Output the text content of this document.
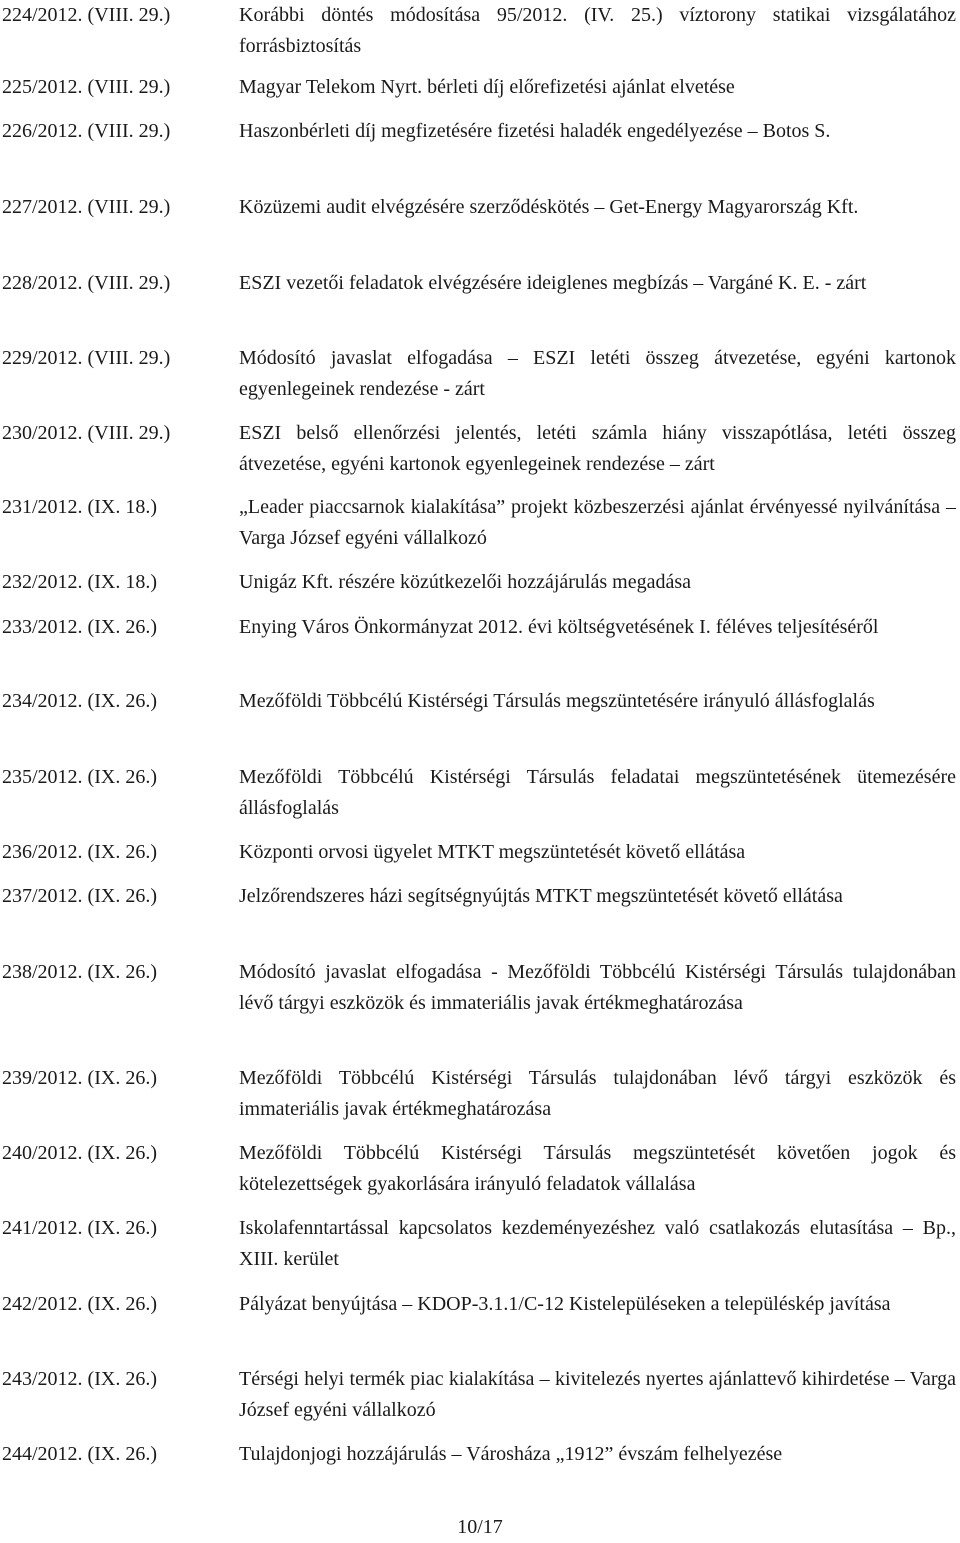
224/2012. (VIII. 29.)	Korábbi döntés módosítása 95/2012. (IV. 25.) víztorony statikai vizsgálatához forrásbiztosítás
225/2012. (VIII. 29.)	Magyar Telekom Nyrt. bérleti díj előrefizetési ajánlat elvetése
226/2012. (VIII. 29.)	Haszonbérleti díj megfizetésére fizetési haladék engedélyezése – Botos S.
227/2012. (VIII. 29.)	Közüzemi audit elvégzésére szerződéskötés – Get-Energy Magyarország Kft.
228/2012. (VIII. 29.)	ESZI vezetői feladatok elvégzésére ideiglenes megbízás – Vargáné K. E. - zárt
229/2012. (VIII. 29.)	Módosító javaslat elfogadása – ESZI letéti összeg átvezetése, egyéni kartonok egyenlegeinek rendezése - zárt
230/2012. (VIII. 29.)	ESZI belső ellenőrzési jelentés, letéti számla hiány visszapótlása, letéti összeg átvezetése, egyéni kartonok egyenlegeinek rendezése – zárt
231/2012. (IX. 18.)	„Leader piaccsarnok kialakítása” projekt közbeszerzési ajánlat érvényessé nyilvánítása – Varga József egyéni vállalkozó
232/2012. (IX. 18.)	Unigáz Kft. részére közútkezelői hozzájárulás megadása
233/2012. (IX. 26.)	Enying Város Önkormányzat 2012. évi költségvetésének I. féléves teljesítéséről
234/2012. (IX. 26.)	Mezőföldi Többcélú Kistérségi Társulás megszüntetésére irányuló állásfoglalás
235/2012. (IX. 26.)	Mezőföldi Többcélú Kistérségi Társulás feladatai megszüntetésének ütemezésére állásfoglalás
236/2012. (IX. 26.)	Központi orvosi ügyelet MTKT megszüntetését követő ellátása
237/2012. (IX. 26.)	Jelzőrendszeres házi segítségnyújtás MTKT megszüntetését követő ellátása
238/2012. (IX. 26.)	Módosító javaslat elfogadása - Mezőföldi Többcélú Kistérségi Társulás tulajdonában lévő tárgyi eszközök és immateriális javak értékmeghatározása
239/2012. (IX. 26.)	Mezőföldi Többcélú Kistérségi Társulás tulajdonában lévő tárgyi eszközök és immateriális javak értékmeghatározása
240/2012. (IX. 26.)	Mezőföldi Többcélú Kistérségi Társulás megszüntetését követően jogok és kötelezettségek gyakorlására irányuló feladatok vállalása
241/2012. (IX. 26.)	Iskolafenntartással kapcsolatos kezdeményezéshez való csatlakozás elutasítása – Bp., XIII. kerület
242/2012. (IX. 26.)	Pályázat benyújtása – KDOP-3.1.1/C-12 Kistelepüléseken a településkép javítása
243/2012. (IX. 26.)	Térségi helyi termék piac kialakítása – kivitelezés nyertes ajánlattevő kihirdetése – Varga József egyéni vállalkozó
244/2012. (IX. 26.)	Tulajdonjogi hozzájárulás – Városháza „1912” évszám felhelyezése
10/17
